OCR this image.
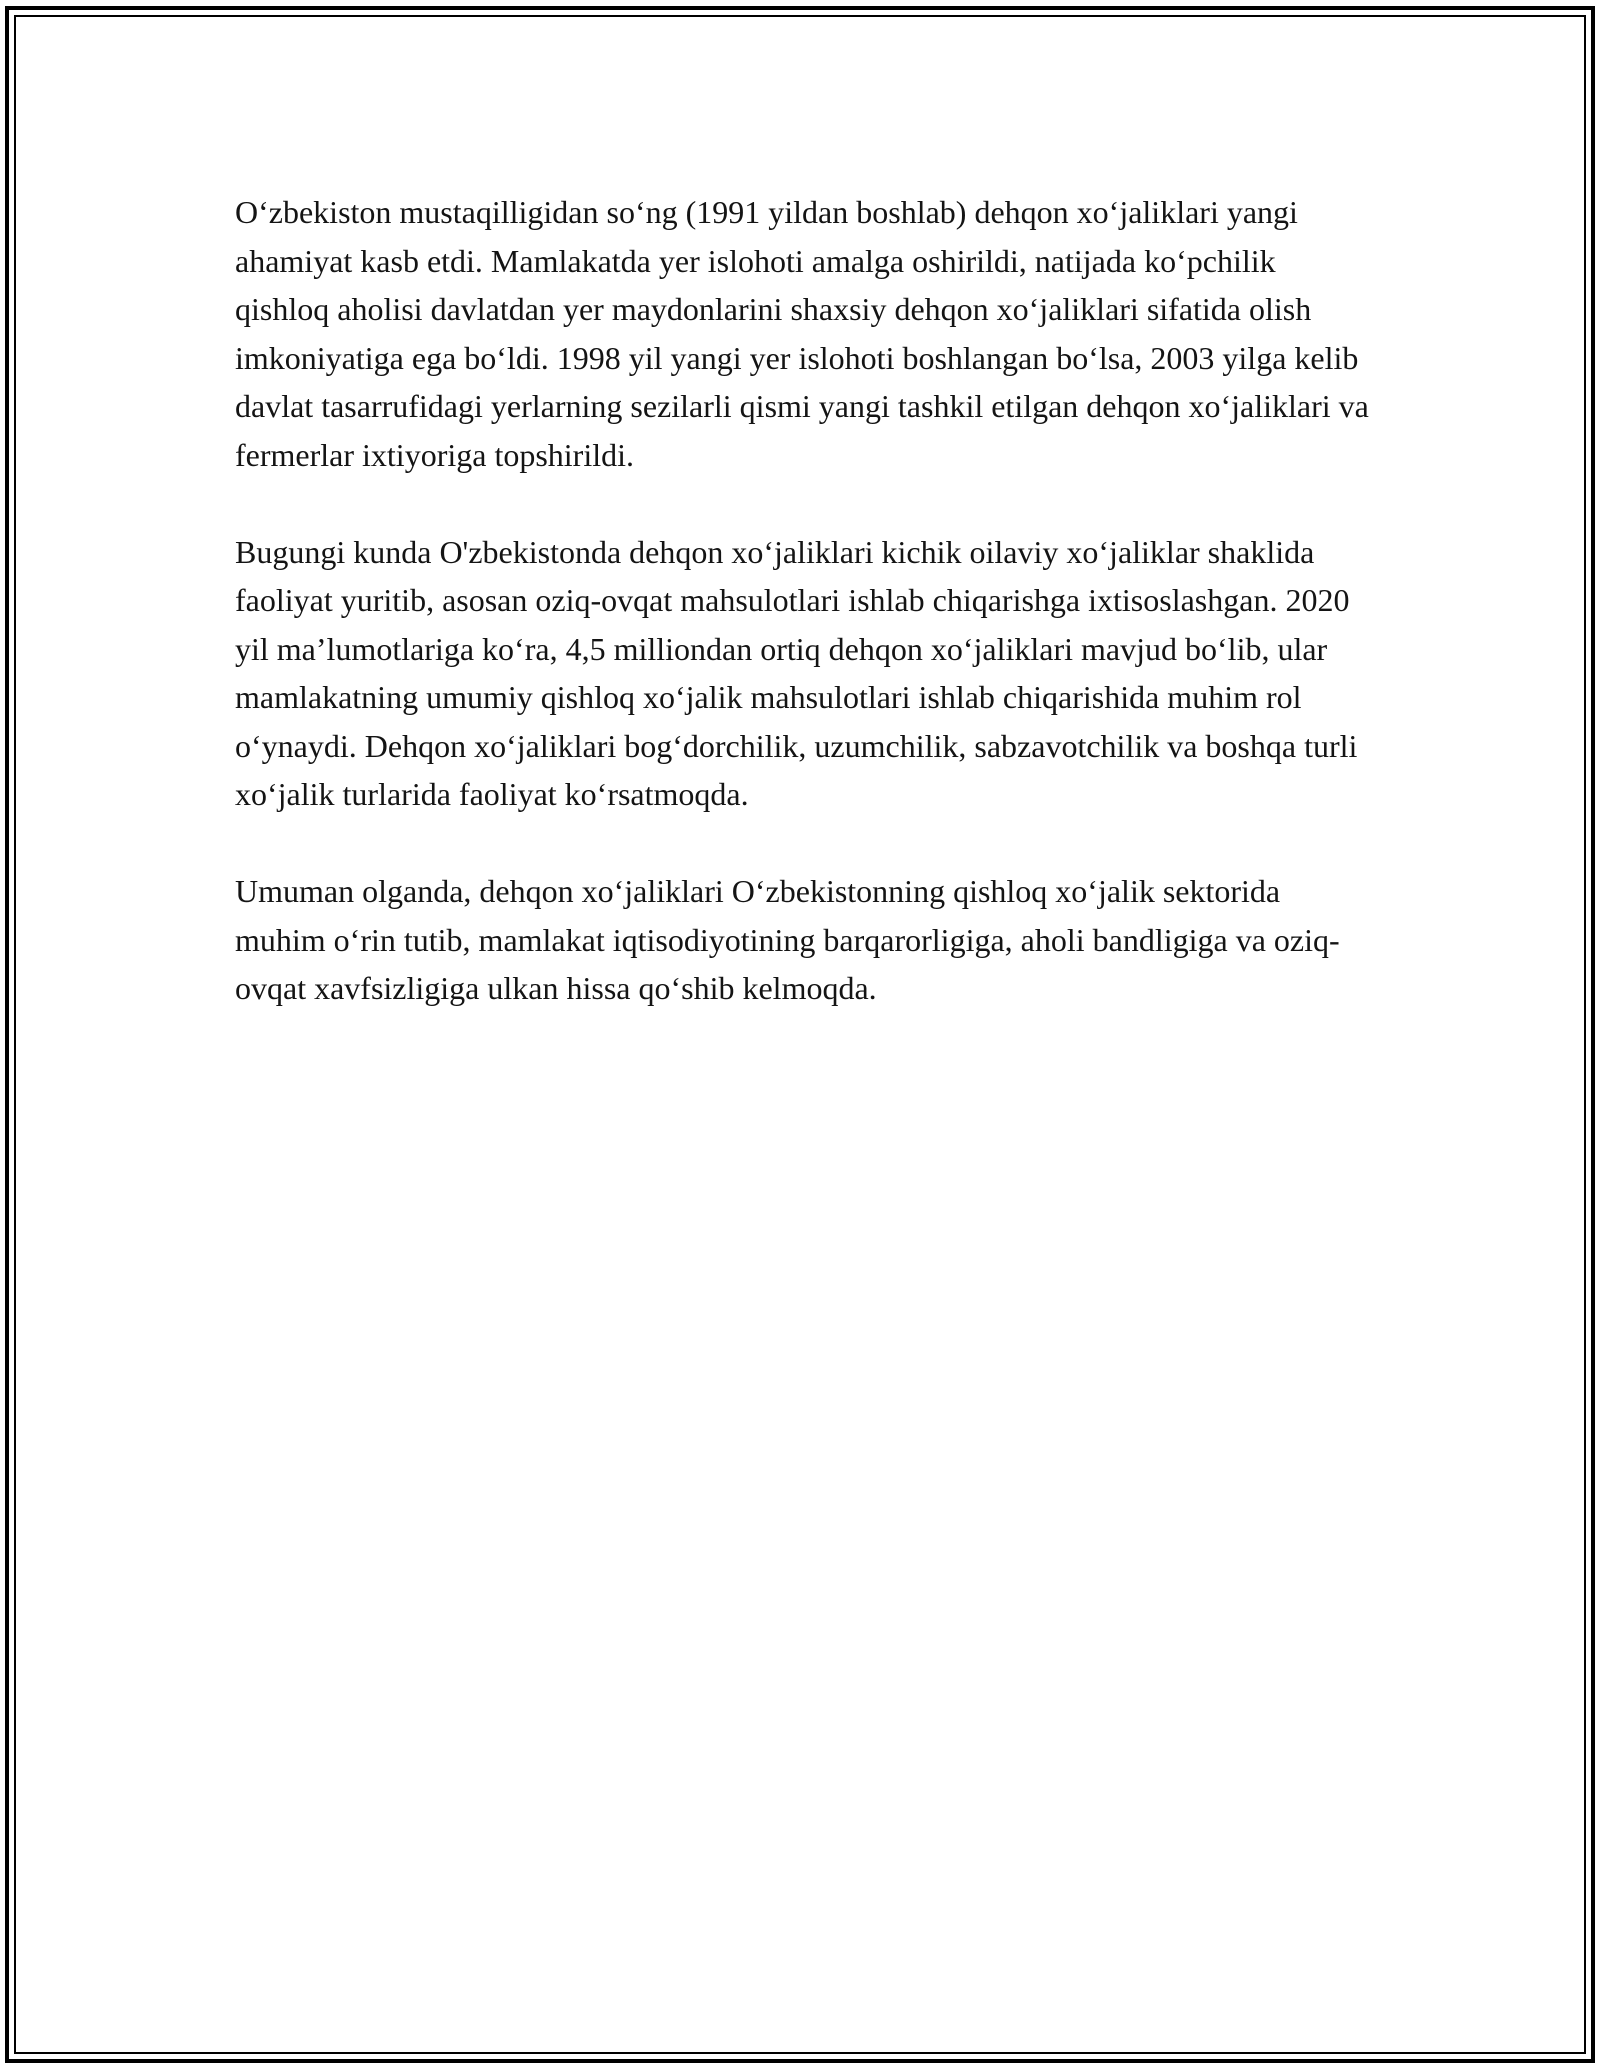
O‘zbekiston mustaqilligidan so‘ng (1991 yildan boshlab) dehqon xo‘jaliklari yangi ahamiyat kasb etdi. Mamlakatda yer islohoti amalga oshirildi, natijada ko‘pchilik qishloq aholisi davlatdan yer maydonlarini shaxsiy dehqon xo‘jaliklari sifatida olish imkoniyatiga ega bo‘ldi. 1998 yil yangi yer islohoti boshlangan bo‘lsa, 2003 yilga kelib davlat tasarrufidagi yerlarning sezilarli qismi yangi tashkil etilgan dehqon xo‘jaliklari va fermerlar ixtiyoriga topshirildi.

Bugungi kunda O'zbekistonda dehqon xo‘jaliklari kichik oilaviy xo‘jaliklar shaklida faoliyat yuritib, asosan oziq-ovqat mahsulotlari ishlab chiqarishga ixtisoslashgan. 2020 yil ma’lumotlariga ko‘ra, 4,5 milliondan ortiq dehqon xo‘jaliklari mavjud bo‘lib, ular mamlakatning umumiy qishloq xo‘jalik mahsulotlari ishlab chiqarishida muhim rol o‘ynaydi. Dehqon xo‘jaliklari bog‘dorchilik, uzumchilik, sabzavotchilik va boshqa turli xo‘jalik turlarida faoliyat ko‘rsatmoqda.

Umuman olganda, dehqon xo‘jaliklari O‘zbekistonning qishloq xo‘jalik sektorida muhim o‘rin tutib, mamlakat iqtisodiyotining barqarorligiga, aholi bandligiga va oziq-ovqat xavfsizligiga ulkan hissa qo‘shib kelmoqda.
